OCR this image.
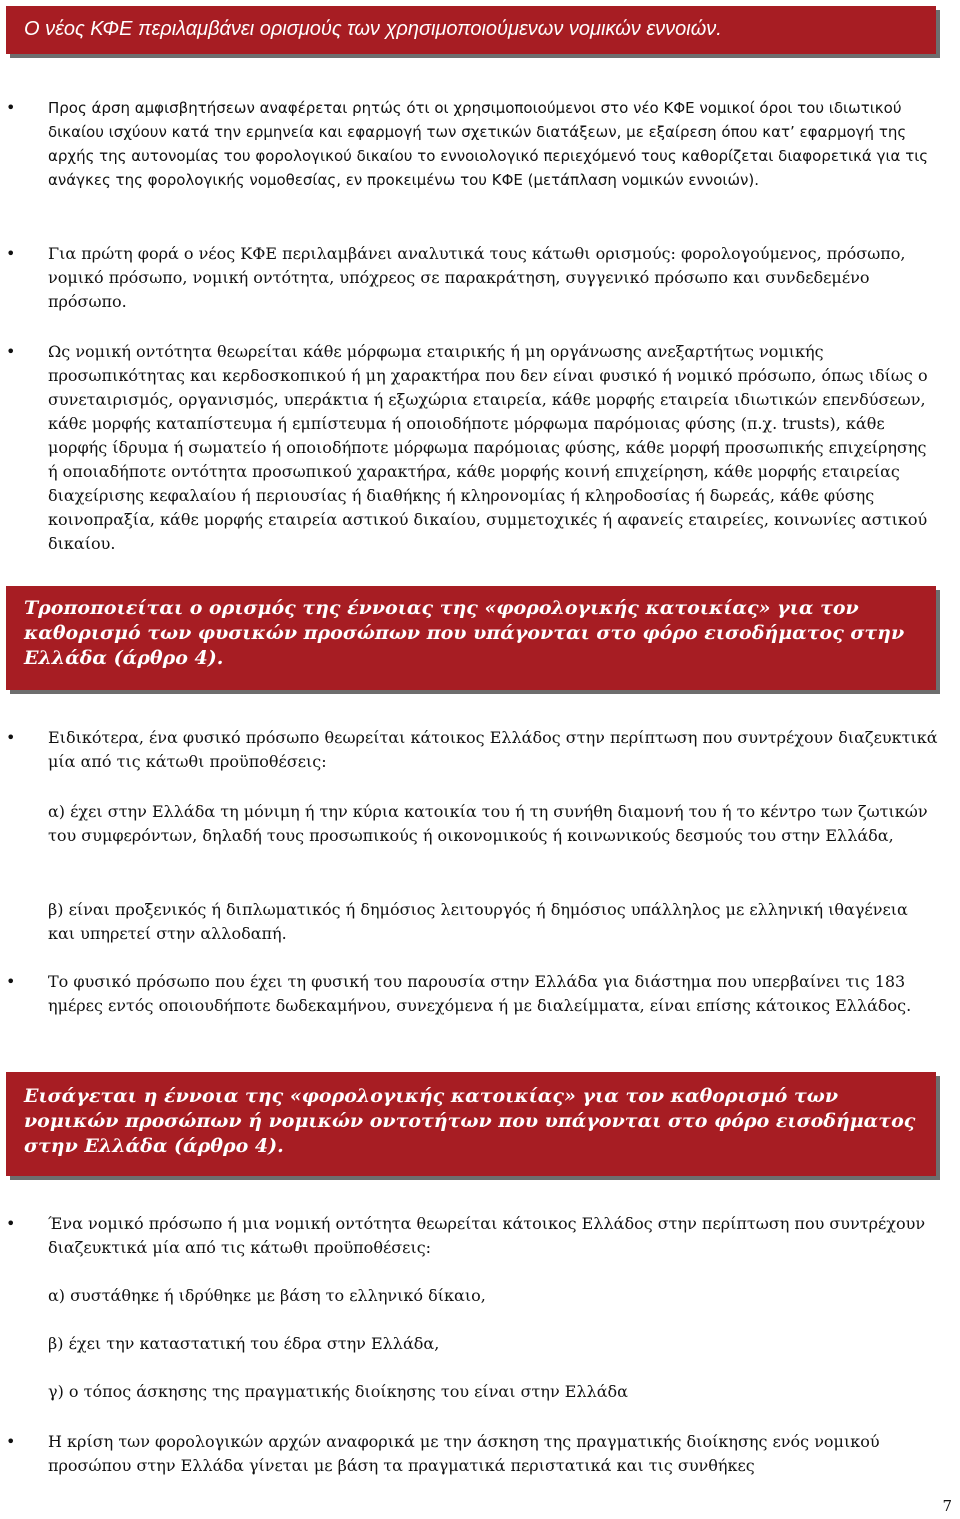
Ο νέος ΚΦΕ περιλαμβάνει ορισμούς των χρησιμοποιούμενων νομικών εννοιών.
• Προς άρση αμφισβητήσεων αναφέρεται ρητώς ότι οι χρησιμοποιούμενοι στο νέο ΚΦΕ νομικοί όροι του ιδιωτικού δικαίου ισχύουν κατά την ερμηνεία και εφαρμογή των σχετικών διατάξεων, με εξαίρεση όπου κατ’ εφαρμογή της αρχής της αυτονομίας του φορολογικού δικαίου το εννοιολογικό περιεχόμενό τους καθορίζεται διαφορετικά για τις ανάγκες της φορολογικής νομοθεσίας, εν προκειμένω του ΚΦΕ (μετάπλαση νομικών εννοιών).
• Για πρώτη φορά ο νέος ΚΦΕ περιλαμβάνει αναλυτικά τους κάτωθι ορισμούς: φορολογούμενος, πρόσωπο, νομικό πρόσωπο, νομική οντότητα, υπόχρεος σε παρακράτηση, συγγενικό πρόσωπο και συνδεδεμένο πρόσωπο.
• Ως νομική οντότητα θεωρείται κάθε μόρφωμα εταιρικής ή μη οργάνωσης ανεξαρτήτως νομικής προσωπικότητας και κερδοσκοπικού ή μη χαρακτήρα που δεν είναι φυσικό ή νομικό πρόσωπο, όπως ιδίως ο συνεταιρισμός, οργανισμός, υπεράκτια ή εξωχώρια εταιρεία, κάθε μορφής εταιρεία ιδιωτικών επενδύσεων, κάθε μορφής καταπίστευμα ή εμπίστευμα ή οποιοδήποτε μόρφωμα παρόμοιας φύσης (π.χ. trusts), κάθε μορφής ίδρυμα ή σωματείο ή οποιοδήποτε μόρφωμα παρόμοιας φύσης, κάθε μορφή προσωπικής επιχείρησης ή οποιαδήποτε οντότητα προσωπικού χαρακτήρα, κάθε μορφής κοινή επιχείρηση, κάθε μορφής εταιρείας διαχείρισης κεφαλαίου ή περιουσίας ή διαθήκης ή κληρονομίας ή κληροδοσίας ή δωρεάς, κάθε φύσης κοινοπραξία, κάθε μορφής εταιρεία αστικού δικαίου, συμμετοχικές ή αφανείς εταιρείες, κοινωνίες αστικού δικαίου.
Τροποποιείται ο ορισμός της έννοιας της «φορολογικής κατοικίας» για τον καθορισμό των φυσικών προσώπων που υπάγονται στο φόρο εισοδήματος στην Ελλάδα (άρθρο 4).
• Ειδικότερα, ένα φυσικό πρόσωπο θεωρείται κάτοικος Ελλάδος στην περίπτωση που συντρέχουν διαζευκτικά μία από τις κάτωθι προϋποθέσεις:
α) έχει στην Ελλάδα τη μόνιμη ή την κύρια κατοικία του ή τη συνήθη διαμονή του ή το κέντρο των ζωτικών του συμφερόντων, δηλαδή τους προσωπικούς ή οικονομικούς ή κοινωνικούς δεσμούς του στην Ελλάδα,
β) είναι προξενικός ή διπλωματικός ή δημόσιος λειτουργός ή δημόσιος υπάλληλος με ελληνική ιθαγένεια και υπηρετεί στην αλλοδαπή.
• Το φυσικό πρόσωπο που έχει τη φυσική του παρουσία στην Ελλάδα για διάστημα που υπερβαίνει τις 183 ημέρες εντός οποιουδήποτε δωδεκαμήνου, συνεχόμενα ή με διαλείμματα, είναι επίσης κάτοικος Ελλάδος.
Εισάγεται η έννοια της «φορολογικής κατοικίας» για τον καθορισμό των νομικών προσώπων ή νομικών οντοτήτων που υπάγονται στο φόρο εισοδήματος στην Ελλάδα (άρθρο 4).
• Ένα νομικό πρόσωπο ή μια νομική οντότητα θεωρείται κάτοικος Ελλάδος στην περίπτωση που συντρέχουν διαζευκτικά μία από τις κάτωθι προϋποθέσεις:
α) συστάθηκε ή ιδρύθηκε με βάση το ελληνικό δίκαιο,
β) έχει την καταστατική του έδρα στην Ελλάδα,
γ) ο τόπος άσκησης της πραγματικής διοίκησης του είναι στην Ελλάδα
• Η κρίση των φορολογικών αρχών αναφορικά με την άσκηση της πραγματικής διοίκησης ενός νομικού προσώπου στην Ελλάδα γίνεται με βάση τα πραγματικά περιστατικά και τις συνθήκες
7
